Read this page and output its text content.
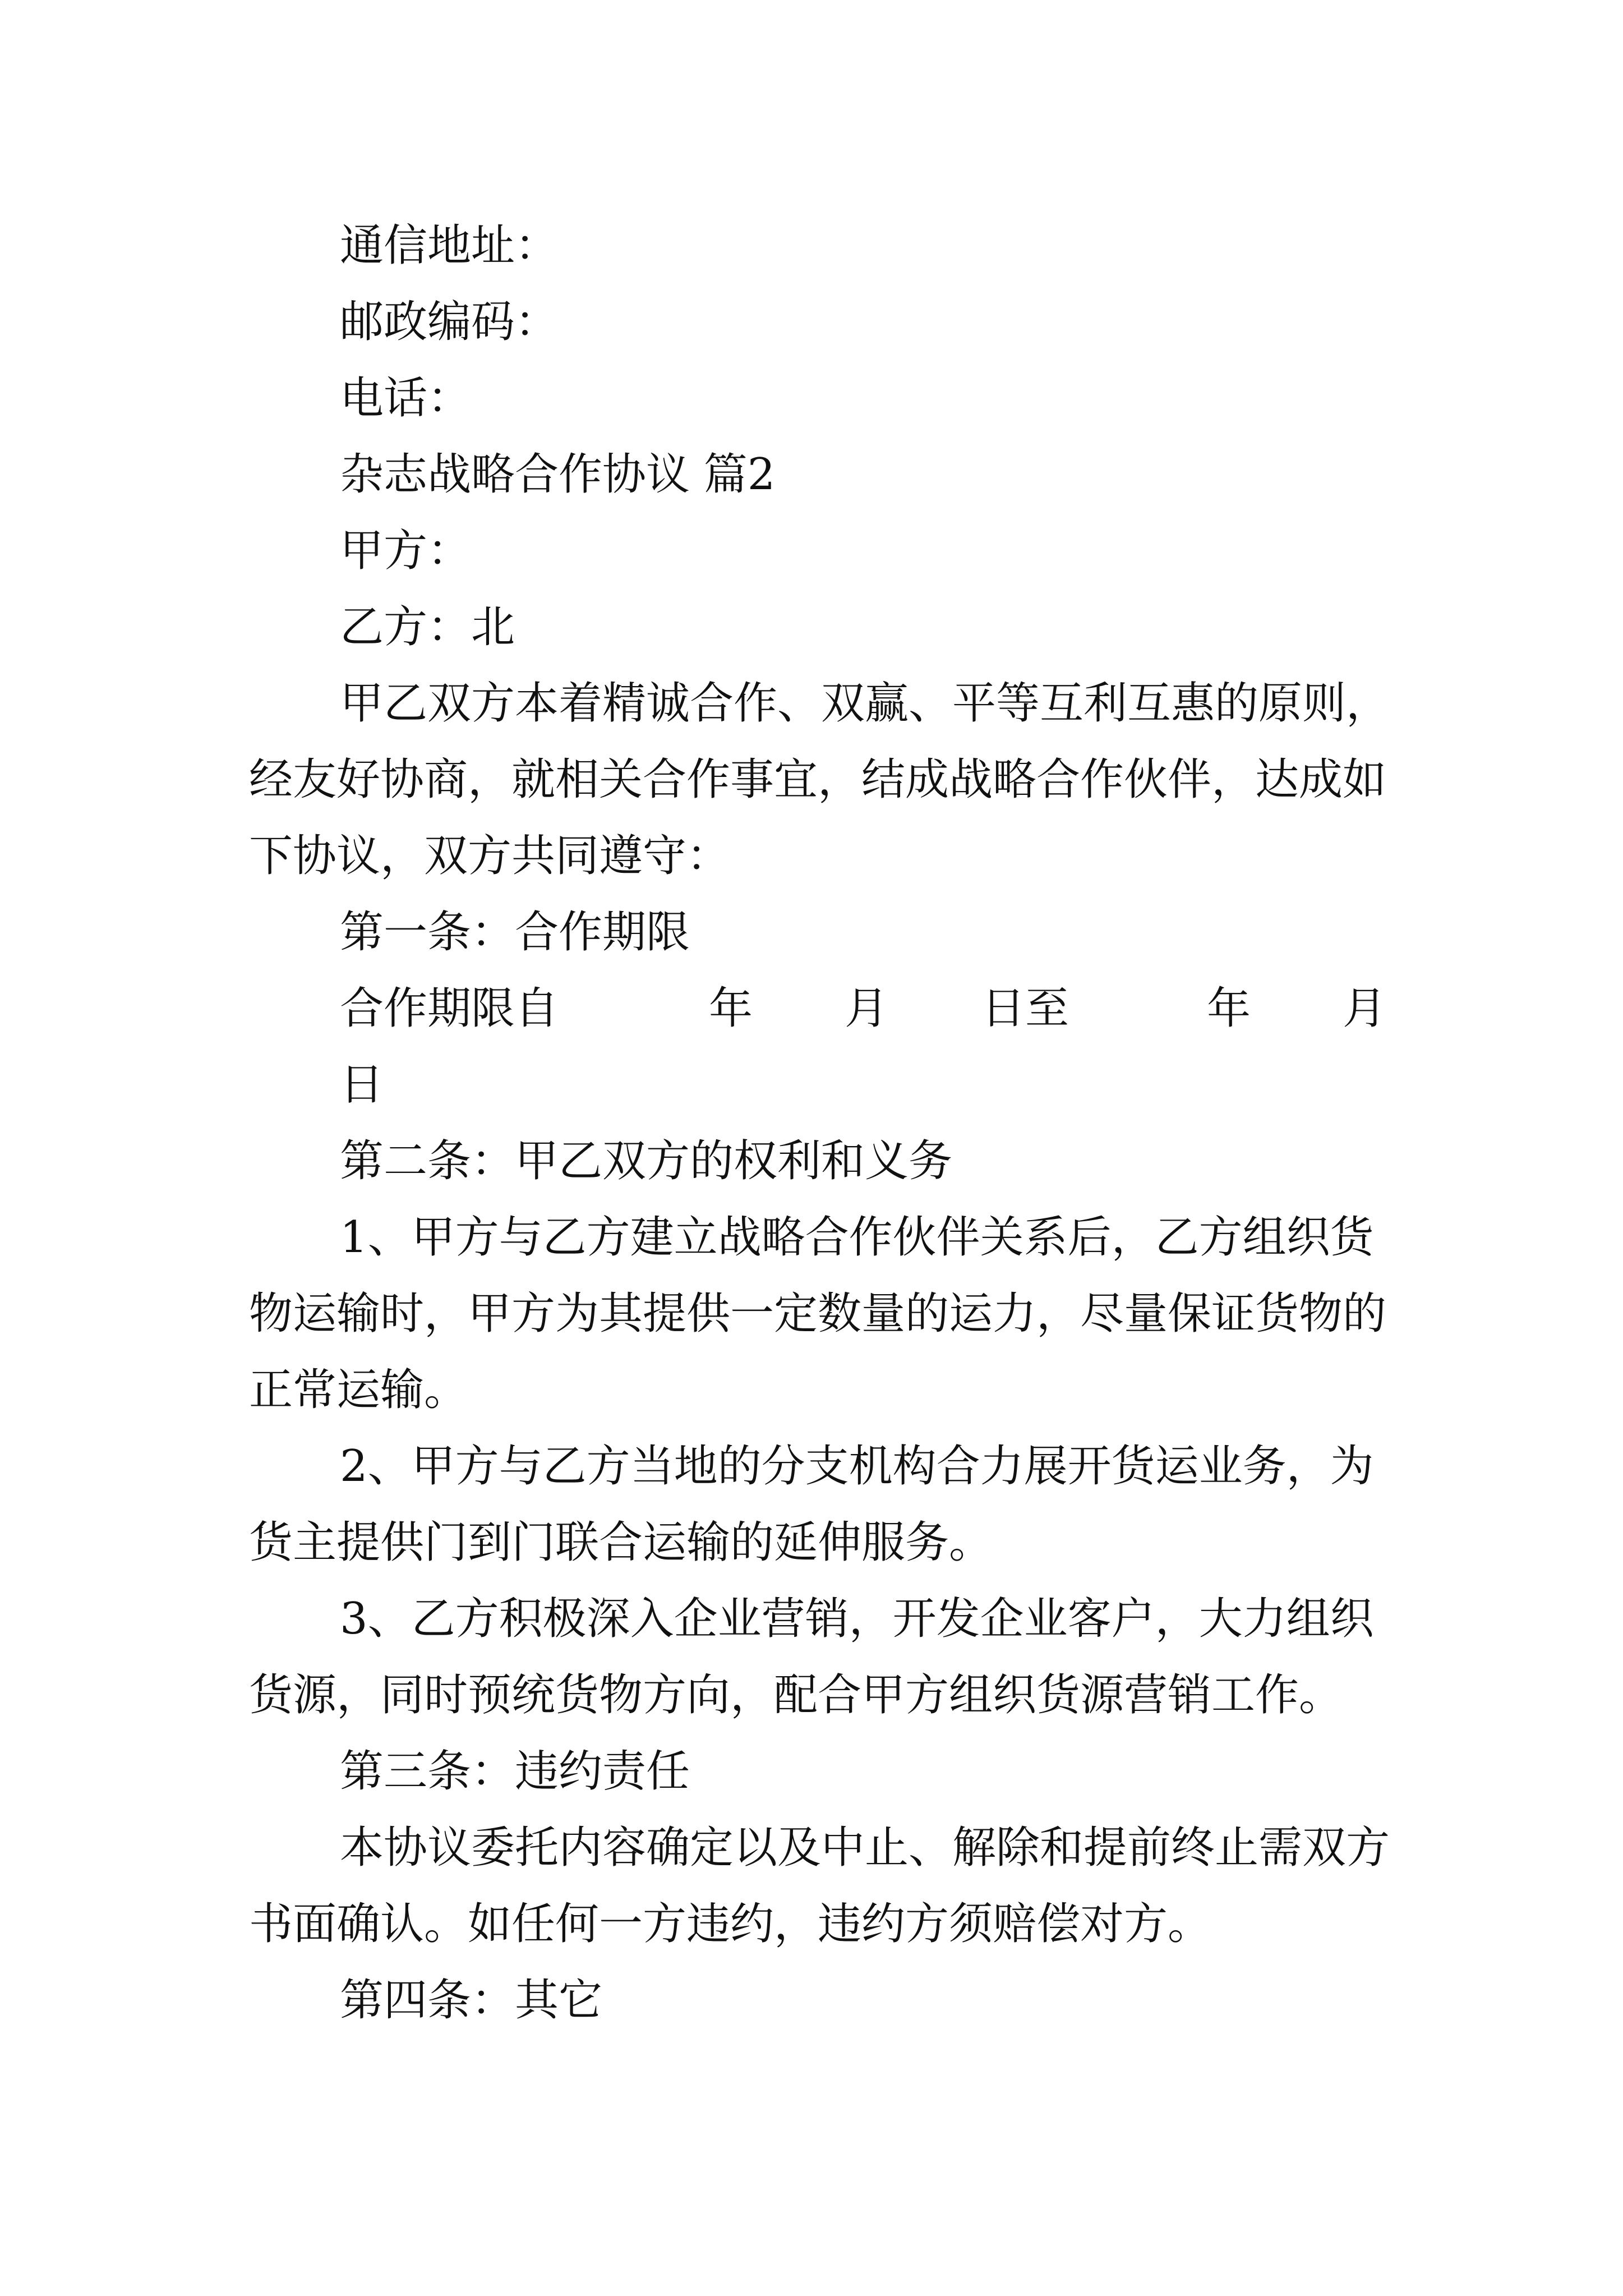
通信地址：
邮政编码：
电话：
杂志战略合作协议 篇2
甲方：
乙方：北
甲乙双方本着精诚合作、双赢、平等互利互惠的原则，
经友好协商，就相关合作事宜，结成战略合作伙伴，达成如
下协议，双方共同遵守：
第一条：合作期限
合作期限自	年 月 日至	年 月
日
第二条：甲乙双方的权利和义务
1、甲方与乙方建立战略合作伙伴关系后，乙方组织货
物运输时，甲方为其提供一定数量的运力，尽量保证货物的
正常运输。
2、甲方与乙方当地的分支机构合力展开货运业务，为
货主提供门到门联合运输的延伸服务。
3、乙方积极深入企业营销，开发企业客户，大力组织
货源，同时预统货物方向，配合甲方组织货源营销工作。
第三条：违约责任
本协议委托内容确定以及中止、解除和提前终止需双方
书面确认。如任何一方违约，违约方须赔偿对方。
第四条：其它
